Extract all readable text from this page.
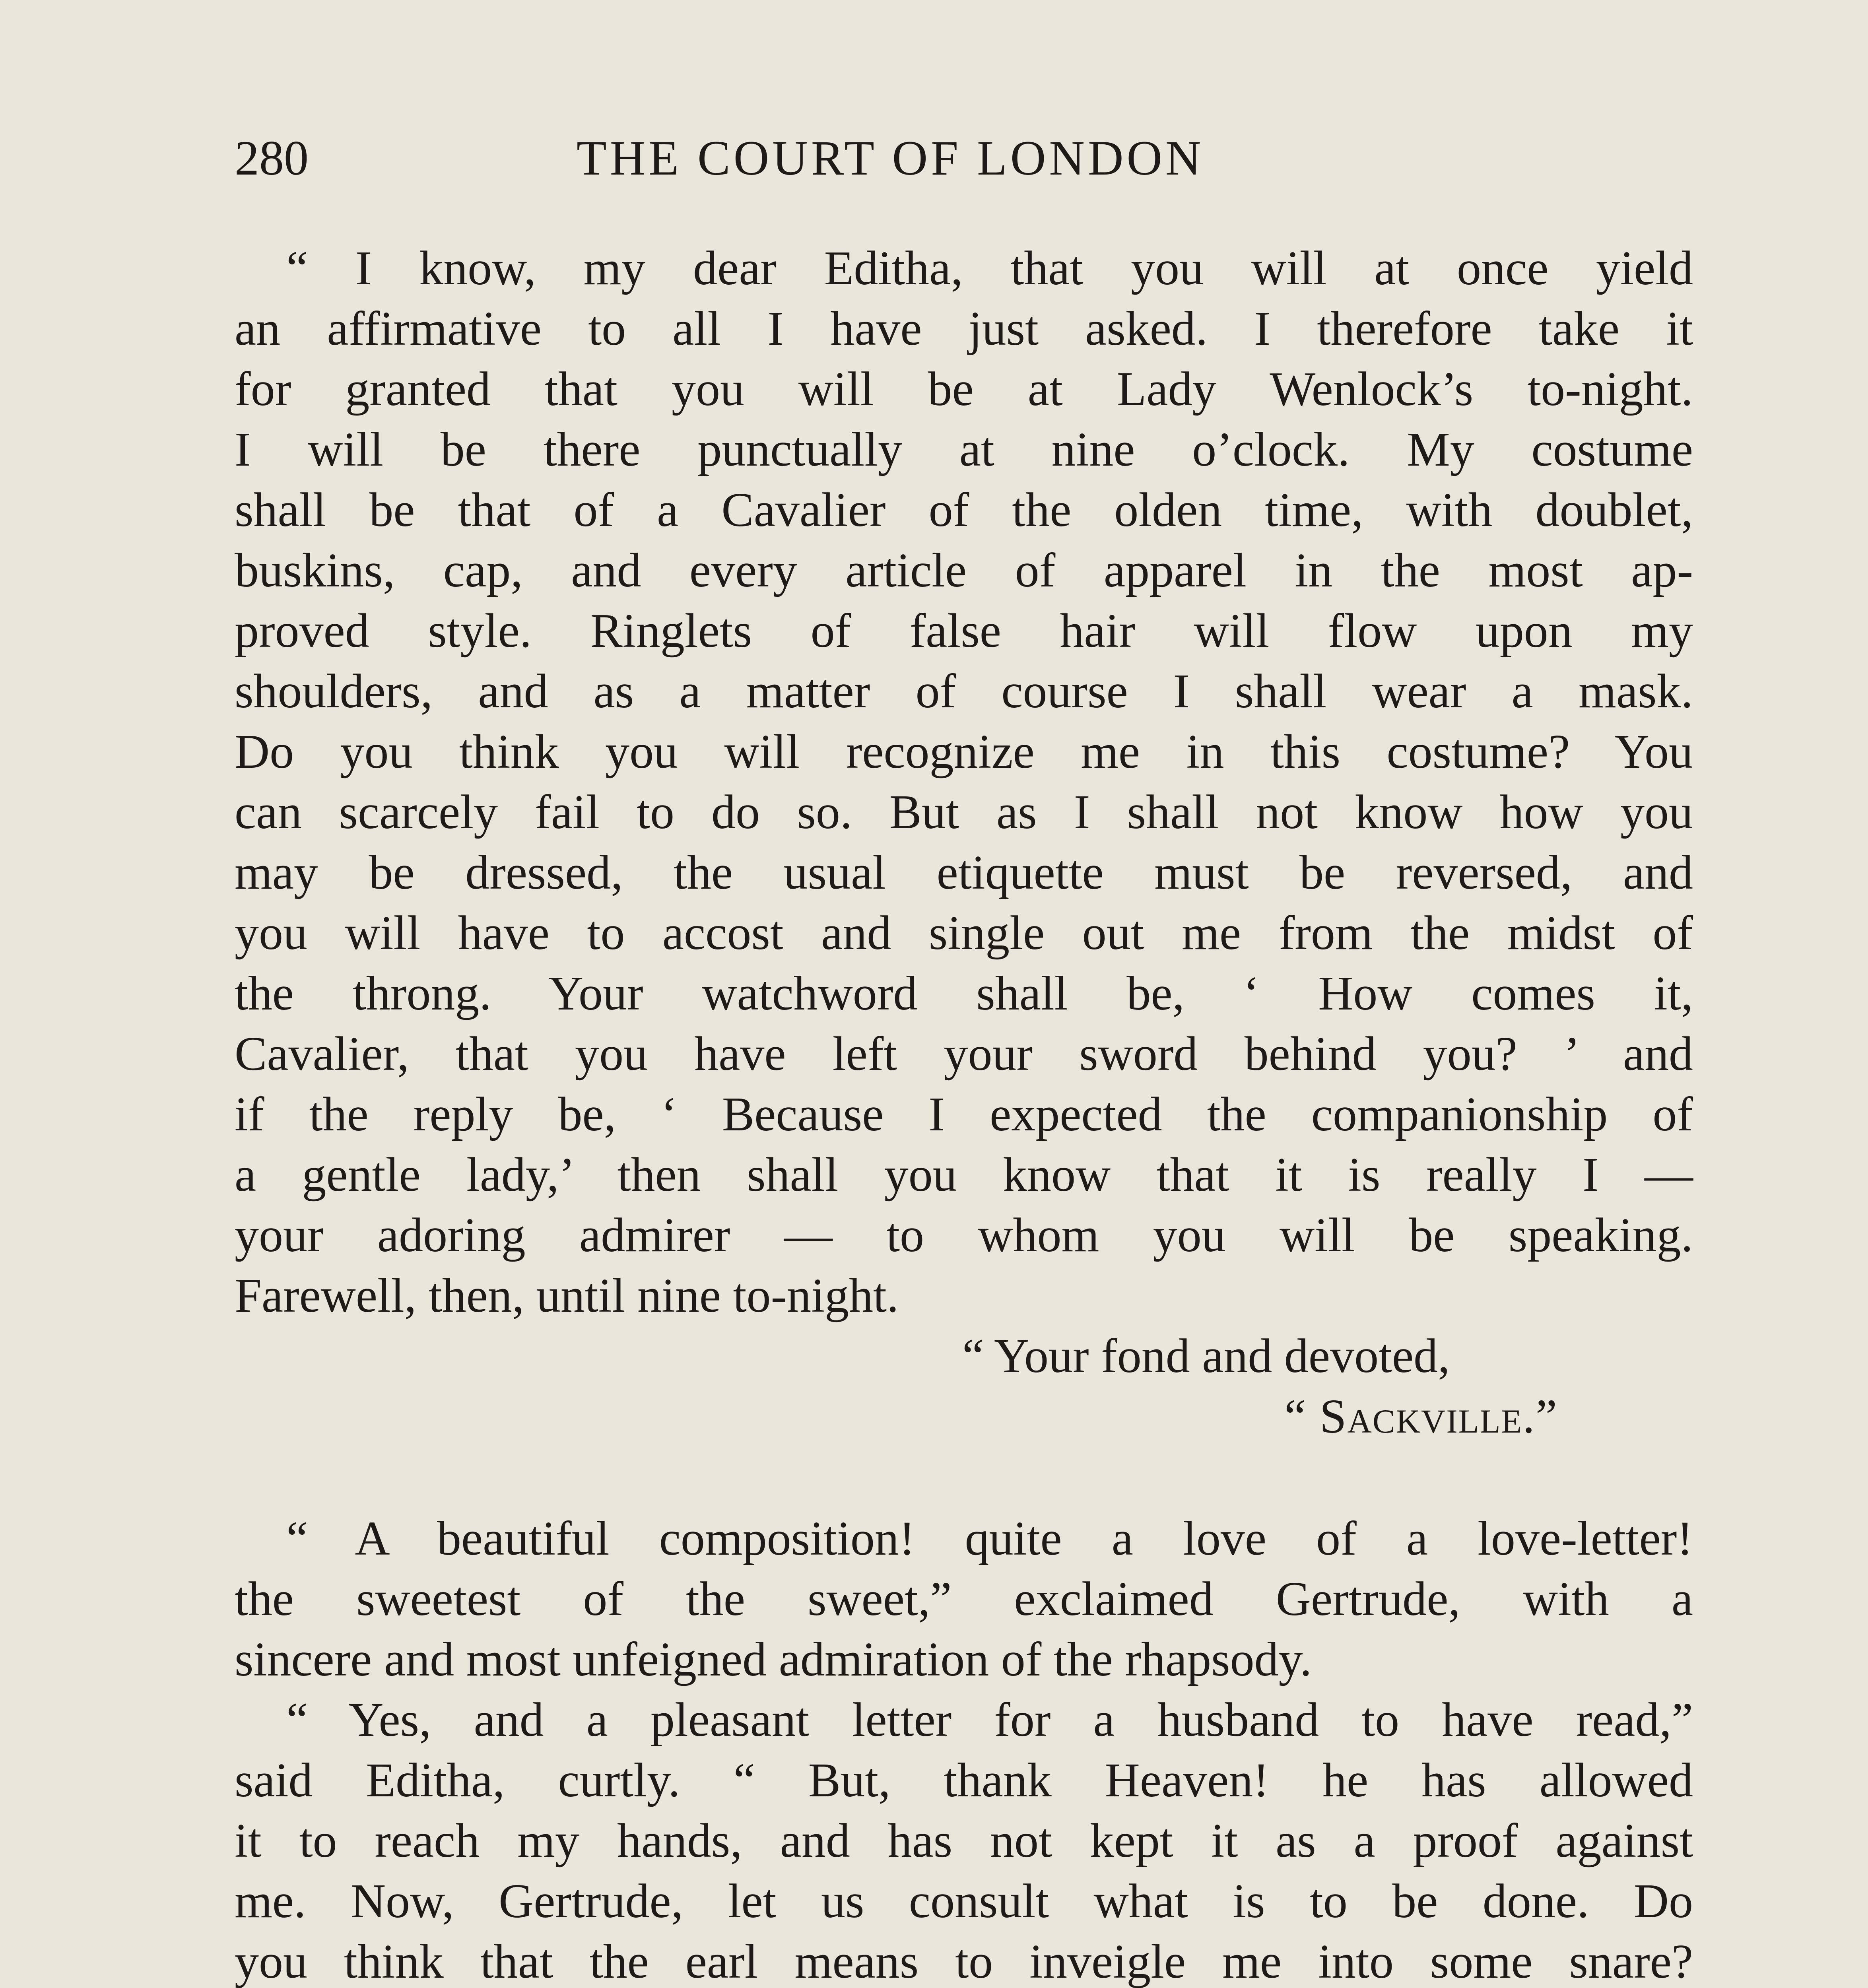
280	THE COURT OF LONDON
“ I know, my dear Editha, that you will at once yield
an affirmative to all I have just asked. I therefore take it
for granted that you will be at Lady Wenlock’s to-night.
I will be there punctually at nine o’clock. My costume
shall be that of a Cavalier of the olden time, with doublet,
buskins, cap, and every article of apparel in the most ap-
proved style. Ringlets of false hair will flow upon my
shoulders, and as a matter of course I shall wear a mask.
Do you think you will recognize me in this costume? You
can scarcely fail to do so. But as I shall not know how you
may be dressed, the usual etiquette must be reversed, and
you will have to accost and single out me from the midst of
the throng. Your watchword shall be, ‘ How comes it,
Cavalier, that you have left your sword behind you? ’ and
if the reply be, ‘ Because I expected the companionship of
a gentle lady,’ then shall you know that it is really I —
your adoring admirer — to whom you will be speaking.
Farewell, then, until nine to-night.
“ Your fond and devoted,
“ Sackville.”
“ A beautiful composition! quite a love of a love-letter!
the sweetest of the sweet,” exclaimed Gertrude, with a
sincere and most unfeigned admiration of the rhapsody.
“ Yes, and a pleasant letter for a husband to have read,”
said Editha, curtly. “ But, thank Heaven! he has allowed
it to reach my hands, and has not kept it as a proof against
me. Now, Gertrude, let us consult what is to be done. Do
you think that the earl means to inveigle me into some snare?
